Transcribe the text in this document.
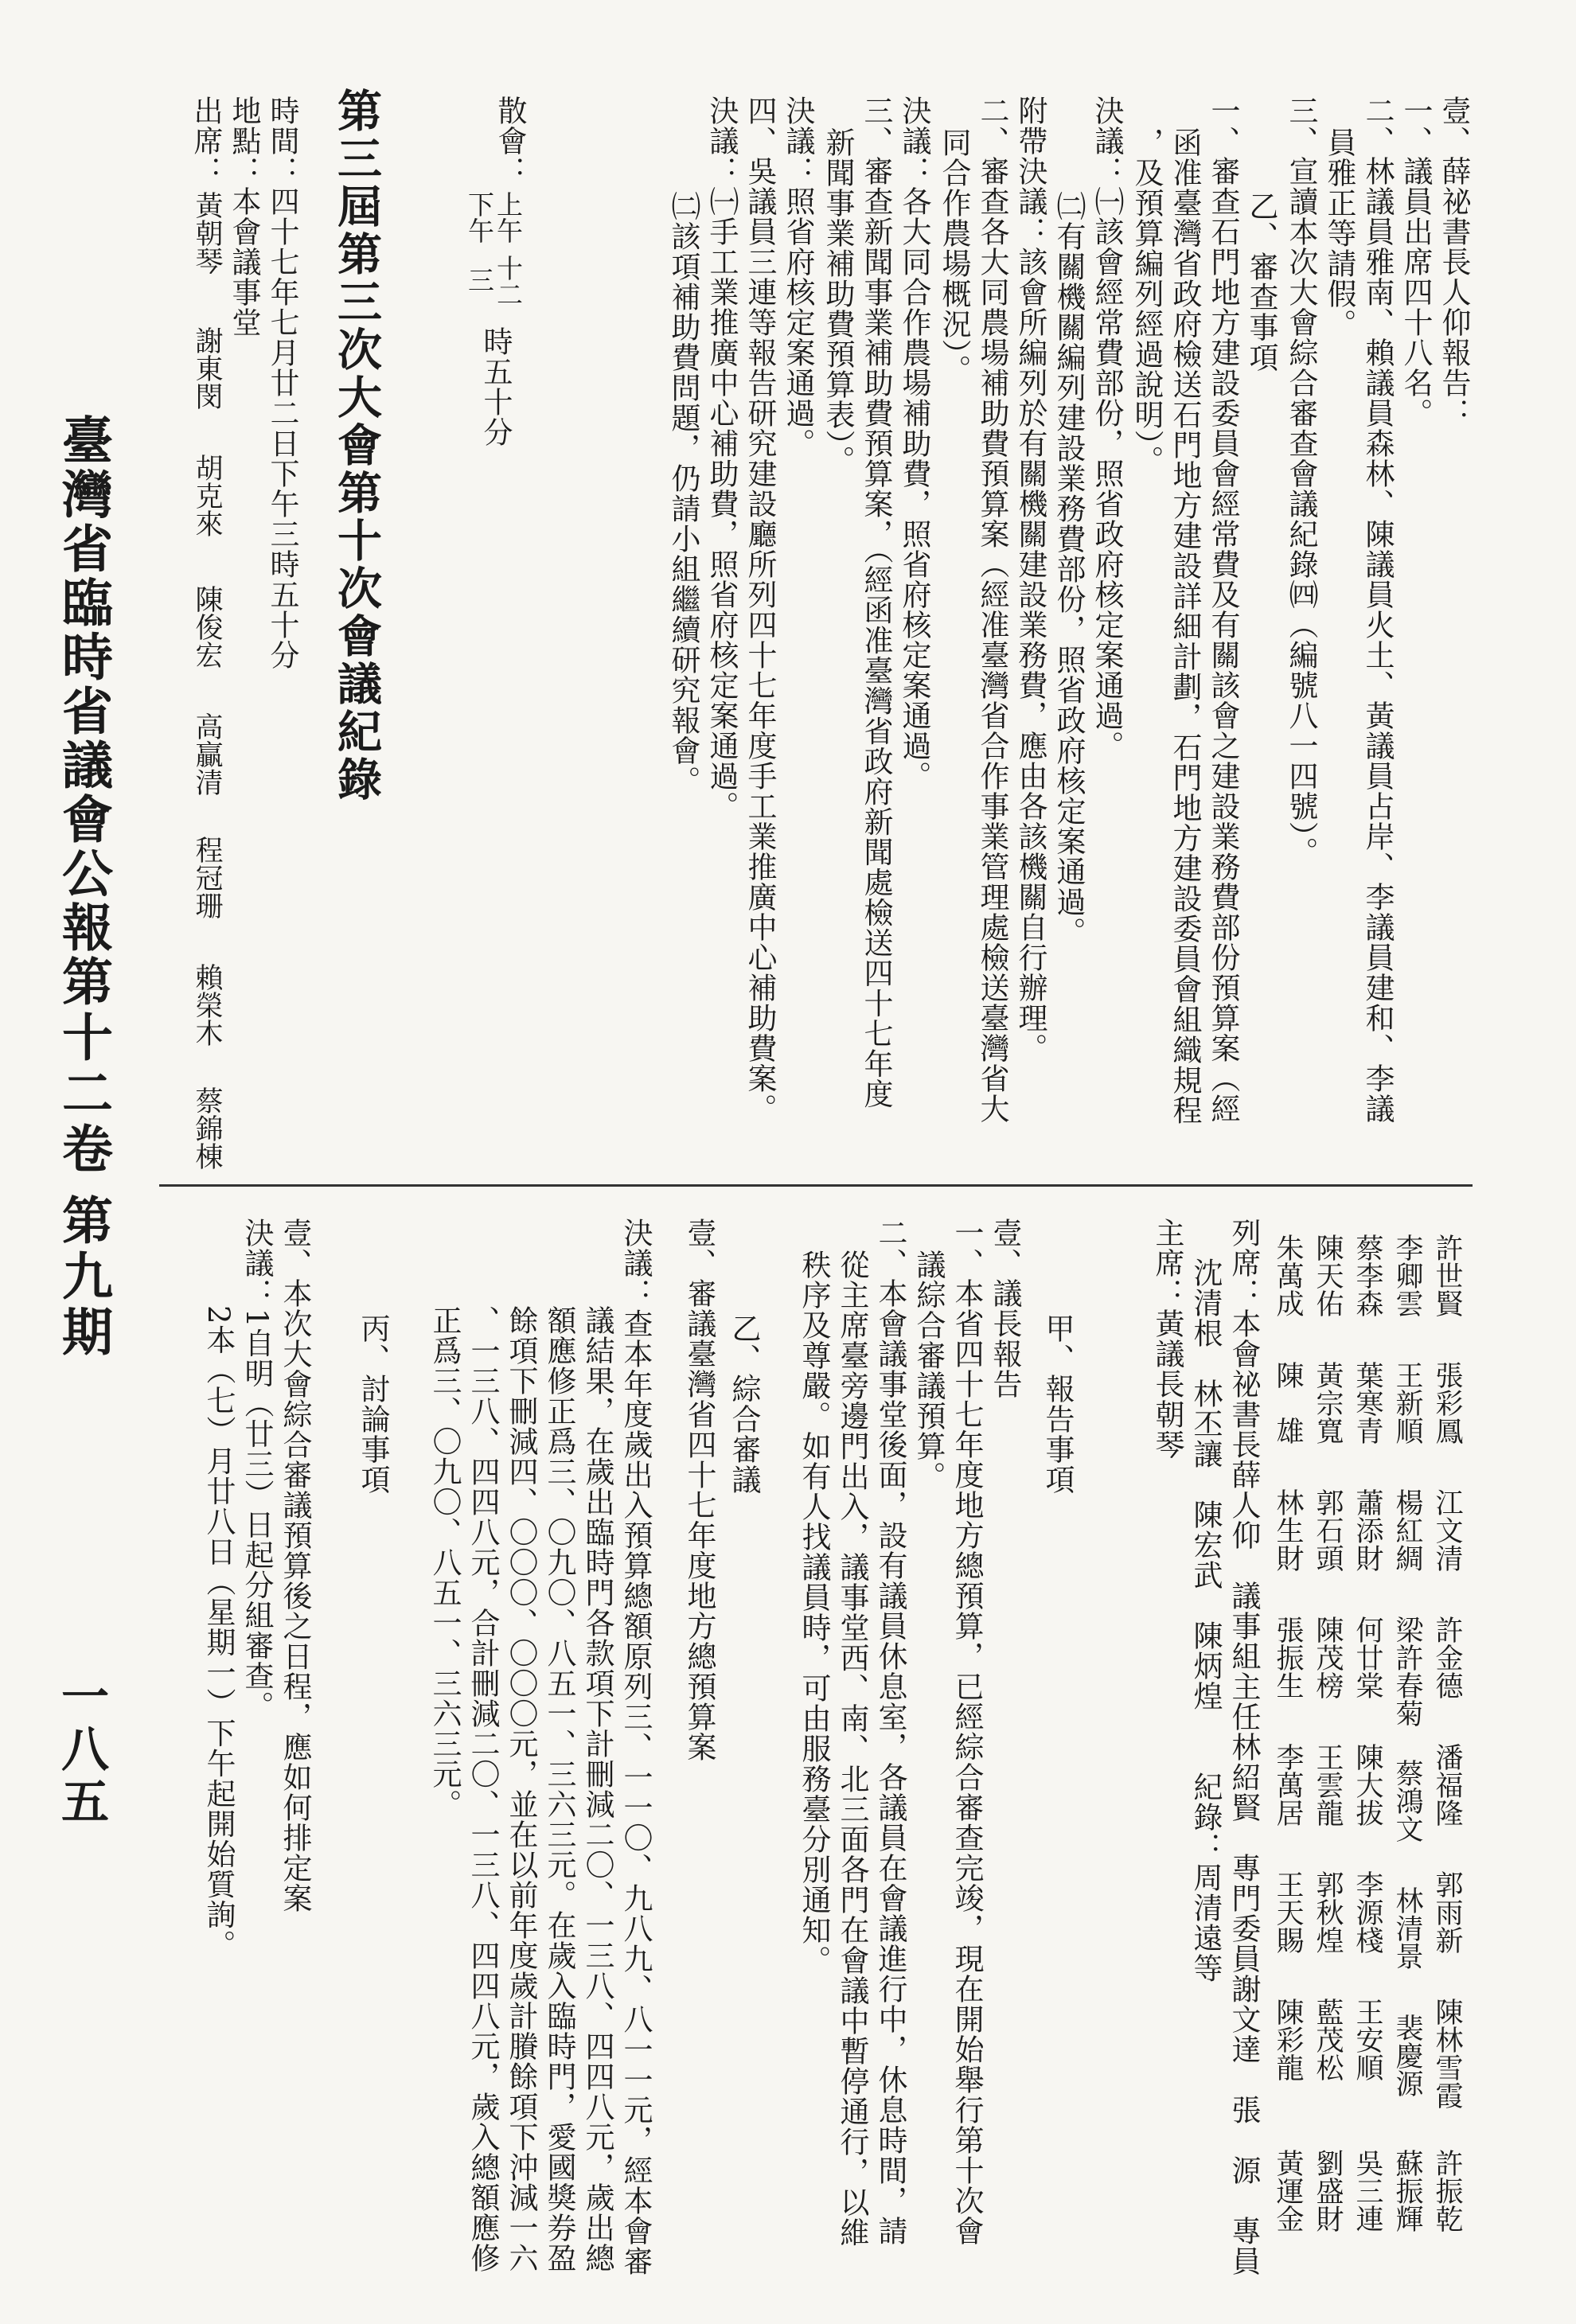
臺灣省臨時省議會公報
第十二卷
第九期
一八五
壹、薛祕書長人仰報告：
一、議員出席四十八名。
二、林議員雅南、賴議員森林、陳議員火土、黃議員占岸、李議員建和、李議
員雅正等請假。
三、宣讀本次大會綜合審查會議紀錄㈣（編號八一四號）。
乙、審查事項
一、審查石門地方建設委員會經常費及有關該會之建設業務費部份預算案（經
函准臺灣省政府檢送石門地方建設詳細計劃，石門地方建設委員會組織規程
，及預算編列經過說明）。
決議：㈠該會經常費部份，照省政府核定案通過。
㈡有關機關編列建設業務費部份，照省政府核定案通過。
附帶決議：該會所編列於有關機關建設業務費，應由各該機關自行辦理。
二、審查各大同農場補助費預算案（經准臺灣省合作事業管理處檢送臺灣省大
同合作農場概況）。
決議：各大同合作農場補助費，照省府核定案通過。
三、審查新聞事業補助費預算案，（經函准臺灣省政府新聞處檢送四十七年度
新聞事業補助費預算表）。
決議：照省府核定案通過。
四、吳議員三連等報告研究建設廳所列四十七年度手工業推廣中心補助費案。
決議：㈠手工業推廣中心補助費，照省府核定案通過。
㈡該項補助費問題，仍請小組繼續研究報會。
散會：
上午
下午
十二
三
時五十分
第三屆第三次大會第十次會議紀錄
時間：四十七年七月廿二日下午三時五十分
地點：本會議事堂
出席：
黃朝琴
謝東閔
胡克來
陳俊宏
高贏清
程冠珊
賴榮木
蔡錦棟
許世賢
張彩鳳
江文清
許金德
潘福隆
郭雨新
陳林雪霞
許振乾
李卿雲
王新順
楊紅綢
梁許春菊
蔡鴻文
林清景
裴慶源
蘇振輝
蔡李森
葉寒青
蕭添財
何廿棠
陳大拔
李源棧
王安順
吳三連
陳天佑
黃宗寬
郭石頭
陳茂榜
王雲龍
郭秋煌
藍茂松
劉盛財
朱萬成
陳　雄
林生財
張振生
李萬居
王天賜
陳彩龍
黃運金
列席：本會祕書長薛人仰　議事組主任林紹賢　專門委員謝文達　張　源　專員
沈清根　林丕讓　陳宏武　陳炳煌　　紀錄：周清遠等
主席：黃議長朝琴
甲、報告事項
壹、議長報告
一、本省四十七年度地方總預算，已經綜合審查完竣，現在開始舉行第十次會
議綜合審議預算。
二、本會議事堂後面，設有議員休息室，各議員在會議進行中，休息時間，請
從主席臺旁邊門出入，議事堂西、南、北三面各門在會議中暫停通行，以維
秩序及尊嚴。如有人找議員時，可由服務臺分別通知。
乙、綜合審議
壹、審議臺灣省四十七年度地方總預算案
決議：查本年度歲出入預算總額原列三、一一〇、九八九、八一一元，經本會審
議結果，在歲出臨時門各款項下計刪減二〇、一三八、四四八元，歲出總
額應修正爲三、〇九〇、八五一、三六三元。在歲入臨時門，愛國獎券盈
餘項下刪減四、〇〇〇、〇〇〇元，並在以前年度歲計賸餘項下沖減一六
、一三八、四四八元，合計刪減二〇、一三八、四四八元，歲入總額應修
正爲三、〇九〇、八五一、三六三元。
丙、討論事項
壹、本次大會綜合審議預算後之日程，應如何排定案
決議：1自明（廿三）日起分組審查。
2本（七）月廿八日（星期一）下午起開始質詢。
